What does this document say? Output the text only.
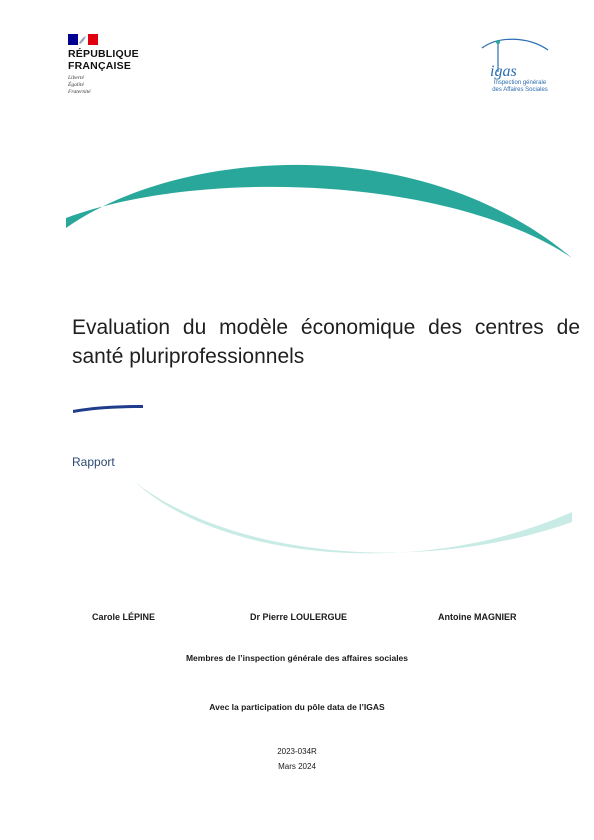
RÉPUBLIQUE
FRANÇAISE
Liberté
Égalité
Fraternité
igas
Inspection générale
des Affaires Sociales
Evaluation du modèle économique des centres de santé pluriprofessionnels
Rapport
Carole LÉPINE	Dr Pierre LOULERGUE	Antoine MAGNIER
Membres de l’inspection générale des affaires sociales
Avec la participation du pôle data de l’IGAS
2023-034R
Mars 2024
